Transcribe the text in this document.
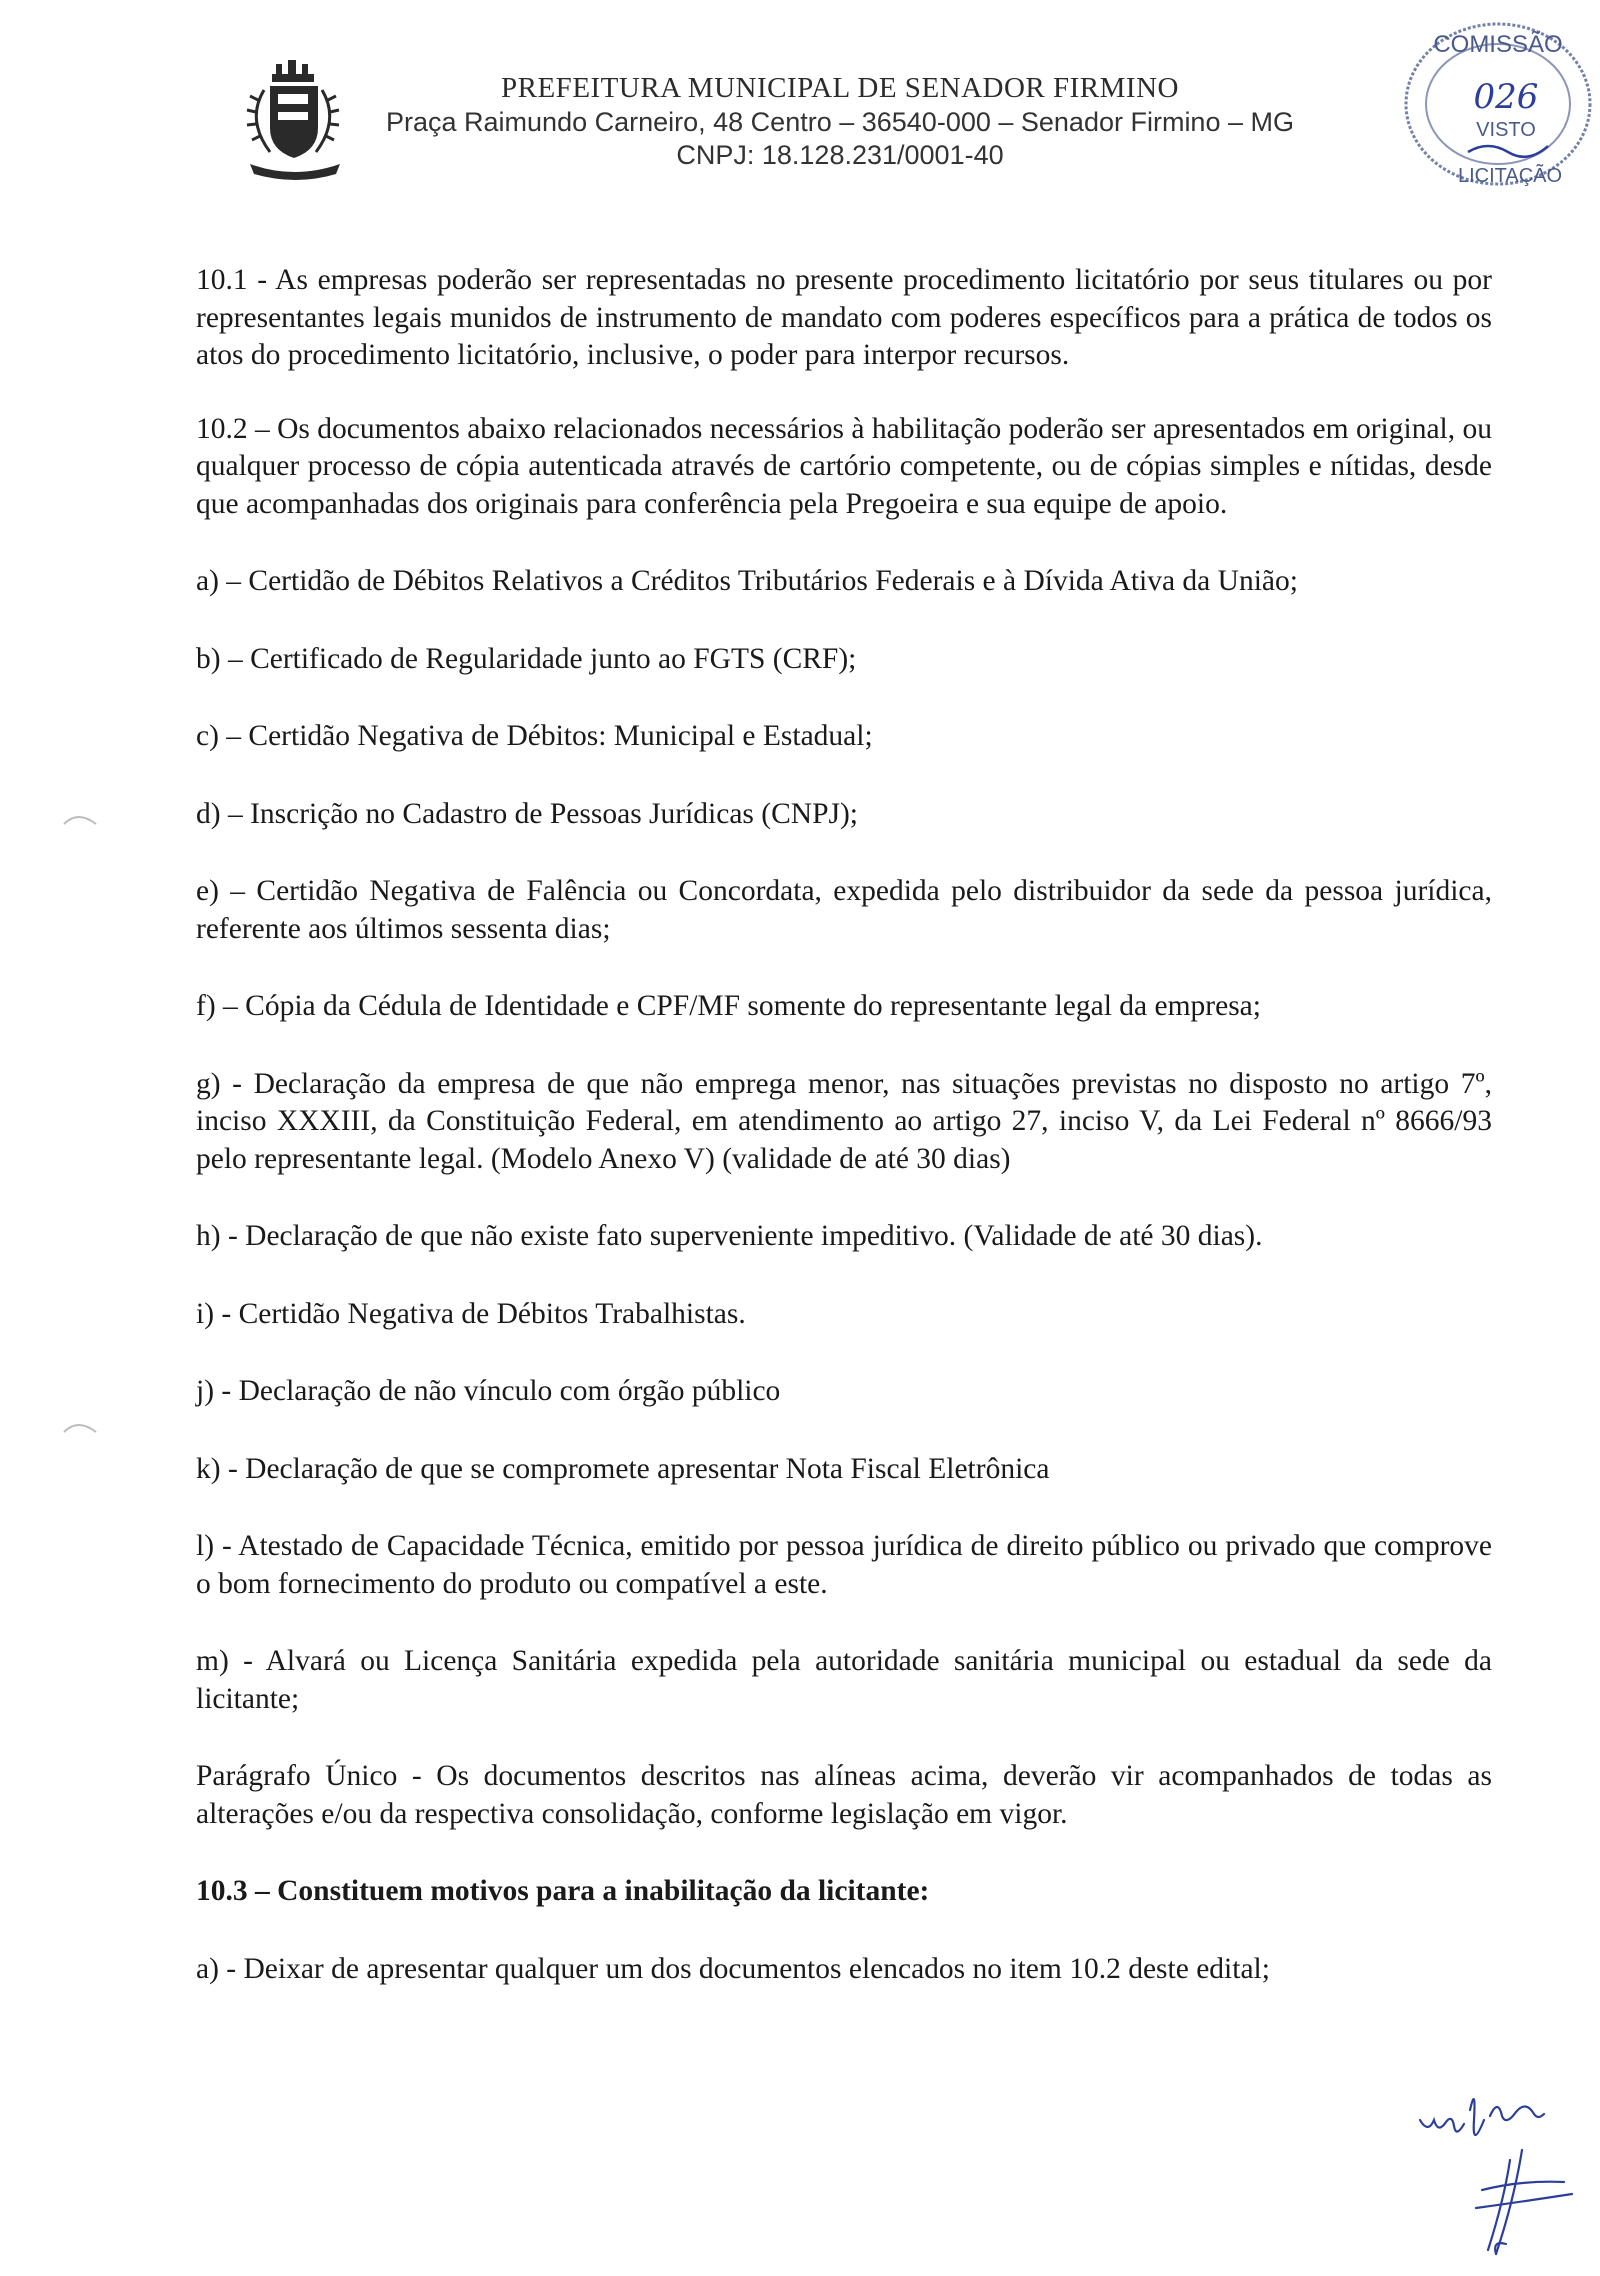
PREFEITURA MUNICIPAL DE SENADOR FIRMINO
Praça Raimundo Carneiro, 48 Centro – 36540-000 – Senador Firmino – MG
CNPJ: 18.128.231/0001-40
COMISSÃO
026
VISTO
LICITAÇÃO

10.1 - As empresas poderão ser representadas no presente procedimento licitatório por seus titulares ou por representantes legais munidos de instrumento de mandato com poderes específicos para a prática de todos os atos do procedimento licitatório, inclusive, o poder para interpor recursos.

10.2 – Os documentos abaixo relacionados necessários à habilitação poderão ser apresentados em original, ou qualquer processo de cópia autenticada através de cartório competente, ou de cópias simples e nítidas, desde que acompanhadas dos originais para conferência pela Pregoeira e sua equipe de apoio.

a) – Certidão de Débitos Relativos a Créditos Tributários Federais e à Dívida Ativa da União;

b) – Certificado de Regularidade junto ao FGTS (CRF);

c) – Certidão Negativa de Débitos: Municipal e Estadual;

d) – Inscrição no Cadastro de Pessoas Jurídicas (CNPJ);

e) – Certidão Negativa de Falência ou Concordata, expedida pelo distribuidor da sede da pessoa jurídica, referente aos últimos sessenta dias;

f) – Cópia da Cédula de Identidade e CPF/MF somente do representante legal da empresa;

g) - Declaração da empresa de que não emprega menor, nas situações previstas no disposto no artigo 7º, inciso XXXIII, da Constituição Federal, em atendimento ao artigo 27, inciso V, da Lei Federal nº 8666/93 pelo representante legal. (Modelo Anexo V) (validade de até 30 dias)

h) - Declaração de que não existe fato superveniente impeditivo. (Validade de até 30 dias).

i) - Certidão Negativa de Débitos Trabalhistas.

j) - Declaração de não vínculo com órgão público

k) - Declaração de que se compromete apresentar Nota Fiscal Eletrônica

l) - Atestado de Capacidade Técnica, emitido por pessoa jurídica de direito público ou privado que comprove o bom fornecimento do produto ou compatível a este.

m) - Alvará ou Licença Sanitária expedida pela autoridade sanitária municipal ou estadual da sede da licitante;

Parágrafo Único - Os documentos descritos nas alíneas acima, deverão vir acompanhados de todas as alterações e/ou da respectiva consolidação, conforme legislação em vigor.

10.3 – Constituem motivos para a inabilitação da licitante:

a) - Deixar de apresentar qualquer um dos documentos elencados no item 10.2 deste edital;
